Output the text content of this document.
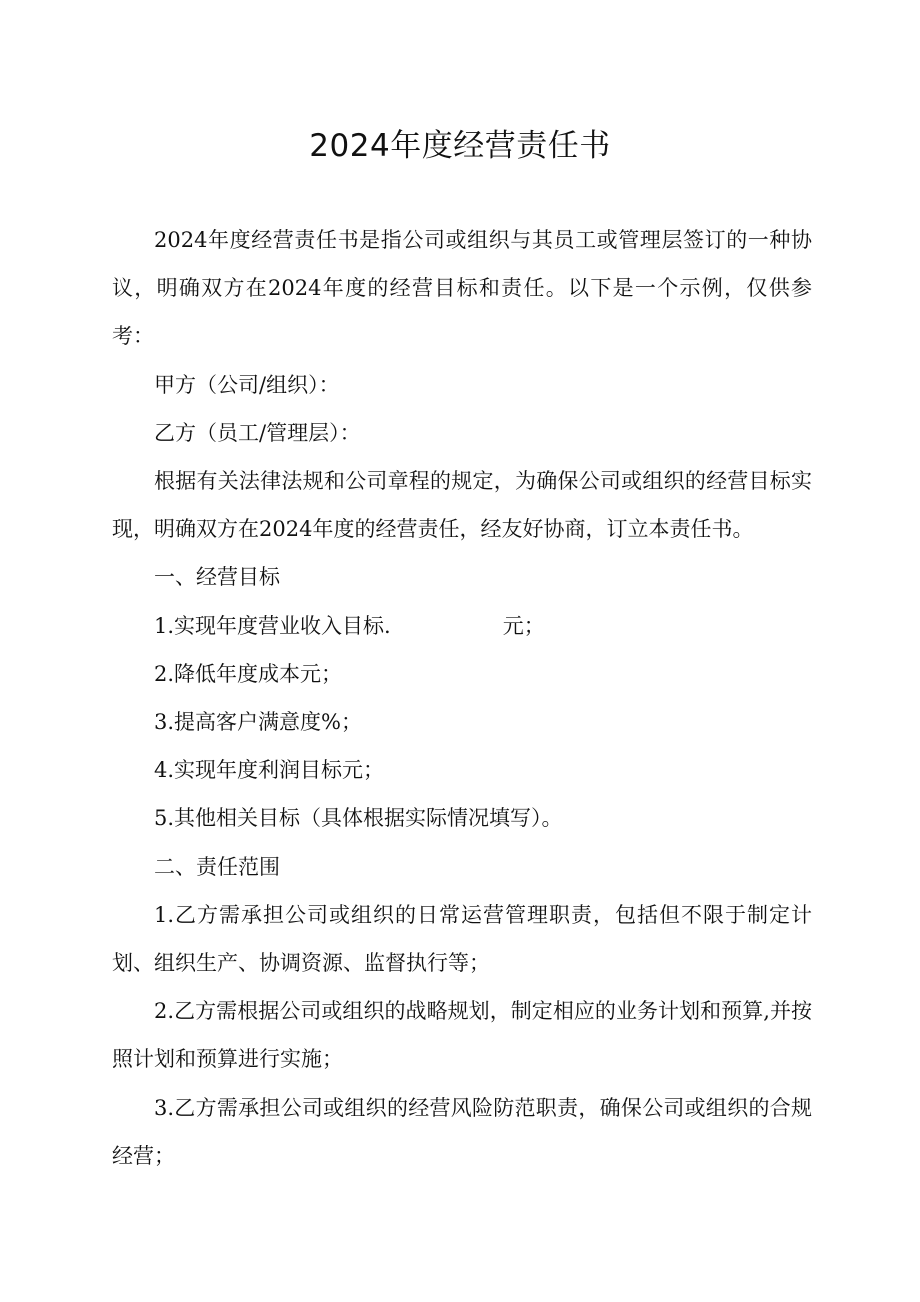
2024年度经营责任书

2024年度经营责任书是指公司或组织与其员工或管理层签订的一种协议，明确双方在2024年度的经营目标和责任。以下是一个示例，仅供参考：

甲方（公司/组织）：

乙方（员工/管理层）：

根据有关法律法规和公司章程的规定，为确保公司或组织的经营目标实现，明确双方在2024年度的经营责任，经友好协商，订立本责任书。

一、经营目标

1.实现年度营业收入目标.	元；

2.降低年度成本元；

3.提高客户满意度%；

4.实现年度利润目标元；

5.其他相关目标（具体根据实际情况填写）。

二、责任范围

1.乙方需承担公司或组织的日常运营管理职责，包括但不限于制定计划、组织生产、协调资源、监督执行等；

2.乙方需根据公司或组织的战略规划，制定相应的业务计划和预算,并按照计划和预算进行实施；

3.乙方需承担公司或组织的经营风险防范职责，确保公司或组织的合规经营；
